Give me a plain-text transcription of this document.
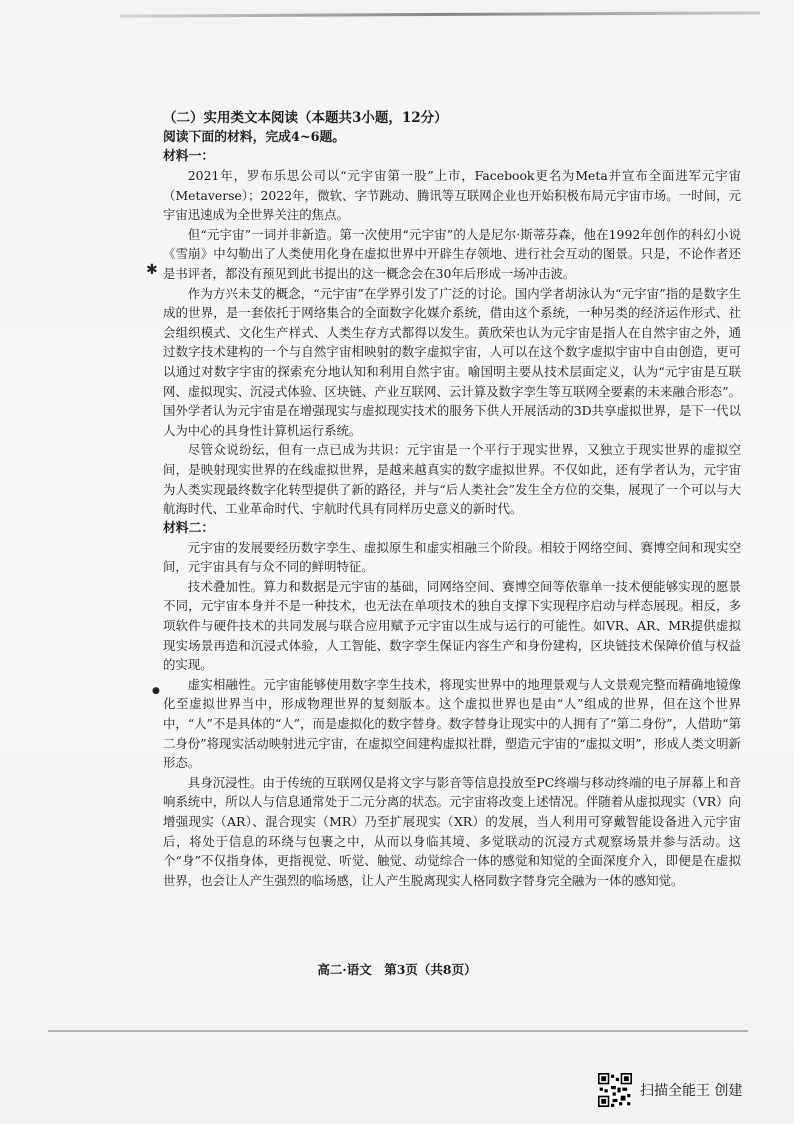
✱
●
（二）实用类文本阅读（本题共3小题，12分）
阅读下面的材料，完成4~6题。
材料一：

2021年，罗布乐思公司以“元宇宙第一股”上市，Facebook更名为Meta并宣布全面进军元宇宙（Metaverse）；2022年，微软、字节跳动、腾讯等互联网企业也开始积极布局元宇宙市场。一时间，元宇宙迅速成为全世界关注的焦点。

但“元宇宙”一词并非新造。第一次使用“元宇宙”的人是尼尔·斯蒂芬森，他在1992年创作的科幻小说《雪崩》中勾勒出了人类使用化身在虚拟世界中开辟生存领地、进行社会互动的图景。只是，不论作者还是书评者，都没有预见到此书提出的这一概念会在30年后形成一场冲击波。

作为方兴未艾的概念，“元宇宙”在学界引发了广泛的讨论。国内学者胡泳认为“元宇宙”指的是数字生成的世界，是一套依托于网络集合的全面数字化媒介系统，借由这个系统，一种另类的经济运作形式、社会组织模式、文化生产样式、人类生存方式都得以发生。黄欣荣也认为元宇宙是指人在自然宇宙之外，通过数字技术建构的一个与自然宇宙相映射的数字虚拟宇宙，人可以在这个数字虚拟宇宙中自由创造，更可以通过对数字宇宙的探索充分地认知和利用自然宇宙。喻国明主要从技术层面定义，认为“元宇宙是互联网、虚拟现实、沉浸式体验、区块链、产业互联网、云计算及数字孪生等互联网全要素的未来融合形态”。国外学者认为元宇宙是在增强现实与虚拟现实技术的服务下供人开展活动的3D共享虚拟世界，是下一代以人为中心的具身性计算机运行系统。

尽管众说纷纭，但有一点已成为共识：元宇宙是一个平行于现实世界，又独立于现实世界的虚拟空间，是映射现实世界的在线虚拟世界，是越来越真实的数字虚拟世界。不仅如此，还有学者认为，元宇宙为人类实现最终数字化转型提供了新的路径，并与“后人类社会”发生全方位的交集，展现了一个可以与大航海时代、工业革命时代、宇航时代具有同样历史意义的新时代。

材料二：

元宇宙的发展要经历数字孪生、虚拟原生和虚实相融三个阶段。相较于网络空间、赛博空间和现实空间，元宇宙具有与众不同的鲜明特征。

技术叠加性。算力和数据是元宇宙的基础，同网络空间、赛博空间等依靠单一技术便能够实现的愿景不同，元宇宙本身并不是一种技术，也无法在单项技术的独自支撑下实现程序启动与样态展现。相反，多项软件与硬件技术的共同发展与联合应用赋予元宇宙以生成与运行的可能性。如VR、AR、MR提供虚拟现实场景再造和沉浸式体验，人工智能、数字孪生保证内容生产和身份建构，区块链技术保障价值与权益的实现。

虚实相融性。元宇宙能够使用数字孪生技术，将现实世界中的地理景观与人文景观完整而精确地镜像化至虚拟世界当中，形成物理世界的复刻版本。这个虚拟世界也是由“人”组成的世界，但在这个世界中，“人”不是具体的“人”，而是虚拟化的数字替身。数字替身让现实中的人拥有了“第二身份”，人借助“第二身份”将现实活动映射进元宇宙，在虚拟空间建构虚拟社群，塑造元宇宙的“虚拟文明”，形成人类文明新形态。

具身沉浸性。由于传统的互联网仅是将文字与影音等信息投放至PC终端与移动终端的电子屏幕上和音响系统中，所以人与信息通常处于二元分离的状态。元宇宙将改变上述情况。伴随着从虚拟现实（VR）向增强现实（AR）、混合现实（MR）乃至扩展现实（XR）的发展，当人利用可穿戴智能设备进入元宇宙后，将处于信息的环绕与包裹之中，从而以身临其境、多觉联动的沉浸方式观察场景并参与活动。这个“身”不仅指身体，更指视觉、听觉、触觉、动觉综合一体的感觉和知觉的全面深度介入，即便是在虚拟世界，也会让人产生强烈的临场感，让人产生脱离现实人格同数字替身完全融为一体的感知觉。

高二·语文　第3页（共8页）
扫描全能王 创建
